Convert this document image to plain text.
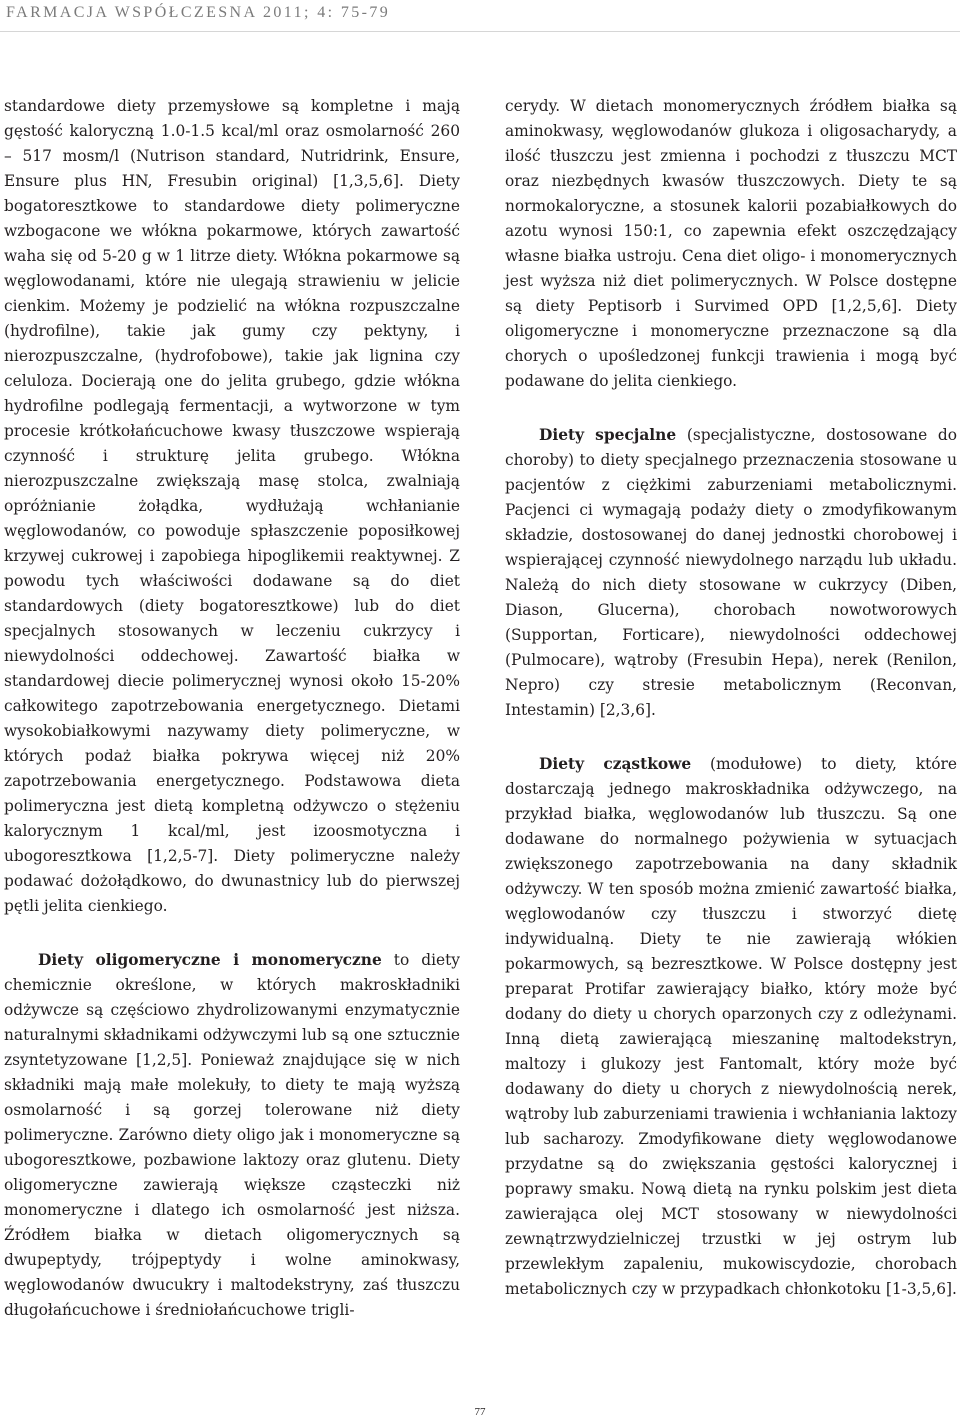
FARMACJA WSPÓŁCZESNA 2011; 4: 75-79

standardowe diety przemysłowe są kompletne i mają gęstość kaloryczną 1.0-1.5 kcal/ml oraz osmolarność 260 – 517 mosm/l (Nutrison standard, Nutridrink, Ensure, Ensure plus HN, Fresubin original) [1,3,5,6]. Diety bogatoresztkowe to standardowe diety polimeryczne wzbogacone we włókna pokarmowe, których zawartość waha się od 5-20 g w 1 litrze diety. Włókna pokarmowe są węglowodanami, które nie ulegają strawieniu w jelicie cienkim. Możemy je podzielić na włókna rozpuszczalne (hydrofilne), takie jak gumy czy pektyny, i nierozpuszczalne, (hydrofobowe), takie jak lignina czy celuloza. Docierają one do jelita grubego, gdzie włókna hydrofilne podlegają fermentacji, a wytworzone w tym procesie krótkołańcuchowe kwasy tłuszczowe wspierają czynność i strukturę jelita grubego. Włókna nierozpuszczalne zwiększają masę stolca, zwalniają opróżnianie żołądka, wydłużają wchłanianie węglowodanów, co powoduje spłaszczenie poposiłkowej krzywej cukrowej i zapobiega hipoglikemii reaktywnej. Z powodu tych właściwości dodawane są do diet standardowych (diety bogatoresztkowe) lub do diet specjalnych stosowanych w leczeniu cukrzycy i niewydolności oddechowej. Zawartość białka w standardowej diecie polimerycznej wynosi około 15-20% całkowitego zapotrzebowania energetycznego. Dietami wysokobiałkowymi nazywamy diety polimeryczne, w których podaż białka pokrywa więcej niż 20% zapotrzebowania energetycznego. Podstawowa dieta polimeryczna jest dietą kompletną odżywczo o stężeniu kalorycznym 1 kcal/ml, jest izoosmotyczna i ubogoresztkowa [1,2,5-7]. Diety polimeryczne należy podawać dożołądkowo, do dwunastnicy lub do pierwszej pętli jelita cienkiego.

Diety oligomeryczne i monomeryczne to diety chemicznie określone, w których makroskładniki odżywcze są częściowo zhydrolizowanymi enzymatycznie naturalnymi składnikami odżywczymi lub są one sztucznie zsyntetyzowane [1,2,5]. Ponieważ znajdujące się w nich składniki mają małe molekuły, to diety te mają wyższą osmolarność i są gorzej tolerowane niż diety polimeryczne. Zarówno diety oligo jak i monomeryczne są ubogoresztkowe, pozbawione laktozy oraz glutenu. Diety oligomeryczne zawierają większe cząsteczki niż monomeryczne i dlatego ich osmolarność jest niższa. Źródłem białka w dietach oligomerycznych są dwupeptydy, trójpeptydy i wolne aminokwasy, węglowodanów dwucukry i maltodekstryny, zaś tłuszczu długołańcuchowe i średniołańcuchowe trigli-

cerydy. W dietach monomerycznych źródłem białka są aminokwasy, węglowodanów glukoza i oligosacharydy, a ilość tłuszczu jest zmienna i pochodzi z tłuszczu MCT oraz niezbędnych kwasów tłuszczowych. Diety te są normokaloryczne, a stosunek kalorii pozabiałkowych do azotu wynosi 150:1, co zapewnia efekt oszczędzający własne białka ustroju. Cena diet oligo- i monomerycznych jest wyższa niż diet polimerycznych. W Polsce dostępne są diety Peptisorb i Survimed OPD [1,2,5,6]. Diety oligomeryczne i monomeryczne przeznaczone są dla chorych o upośledzonej funkcji trawienia i mogą być podawane do jelita cienkiego.

Diety specjalne (specjalistyczne, dostosowane do choroby) to diety specjalnego przeznaczenia stosowane u pacjentów z ciężkimi zaburzeniami metabolicznymi. Pacjenci ci wymagają podaży diety o zmodyfikowanym składzie, dostosowanej do danej jednostki chorobowej i wspierającej czynność niewydolnego narządu lub układu. Należą do nich diety stosowane w cukrzycy (Diben, Diason, Glucerna), chorobach nowotworowych (Supportan, Forticare), niewydolności oddechowej (Pulmocare), wątroby (Fresubin Hepa), nerek (Renilon, Nepro) czy stresie metabolicznym (Reconvan, Intestamin) [2,3,6].

Diety cząstkowe (modułowe) to diety, które dostarczają jednego makroskładnika odżywczego, na przykład białka, węglowodanów lub tłuszczu. Są one dodawane do normalnego pożywienia w sytuacjach zwiększonego zapotrzebowania na dany składnik odżywczy. W ten sposób można zmienić zawartość białka, węglowodanów czy tłuszczu i stworzyć dietę indywidualną. Diety te nie zawierają włókien pokarmowych, są bezresztkowe. W Polsce dostępny jest preparat Protifar zawierający białko, który może być dodany do diety u chorych oparzonych czy z odleżynami. Inną dietą zawierającą mieszaninę maltodekstryn, maltozy i glukozy jest Fantomalt, który może być dodawany do diety u chorych z niewydolnością nerek, wątroby lub zaburzeniami trawienia i wchłaniania laktozy lub sacharozy. Zmodyfikowane diety węglowodanowe przydatne są do zwiększania gęstości kalorycznej i poprawy smaku. Nową dietą na rynku polskim jest dieta zawierająca olej MCT stosowany w niewydolności zewnątrzwydzielniczej trzustki w jej ostrym lub przewlekłym zapaleniu, mukowiscydozie, chorobach metabolicznych czy w przypadkach chłonkotoku [1-3,5,6].

77
